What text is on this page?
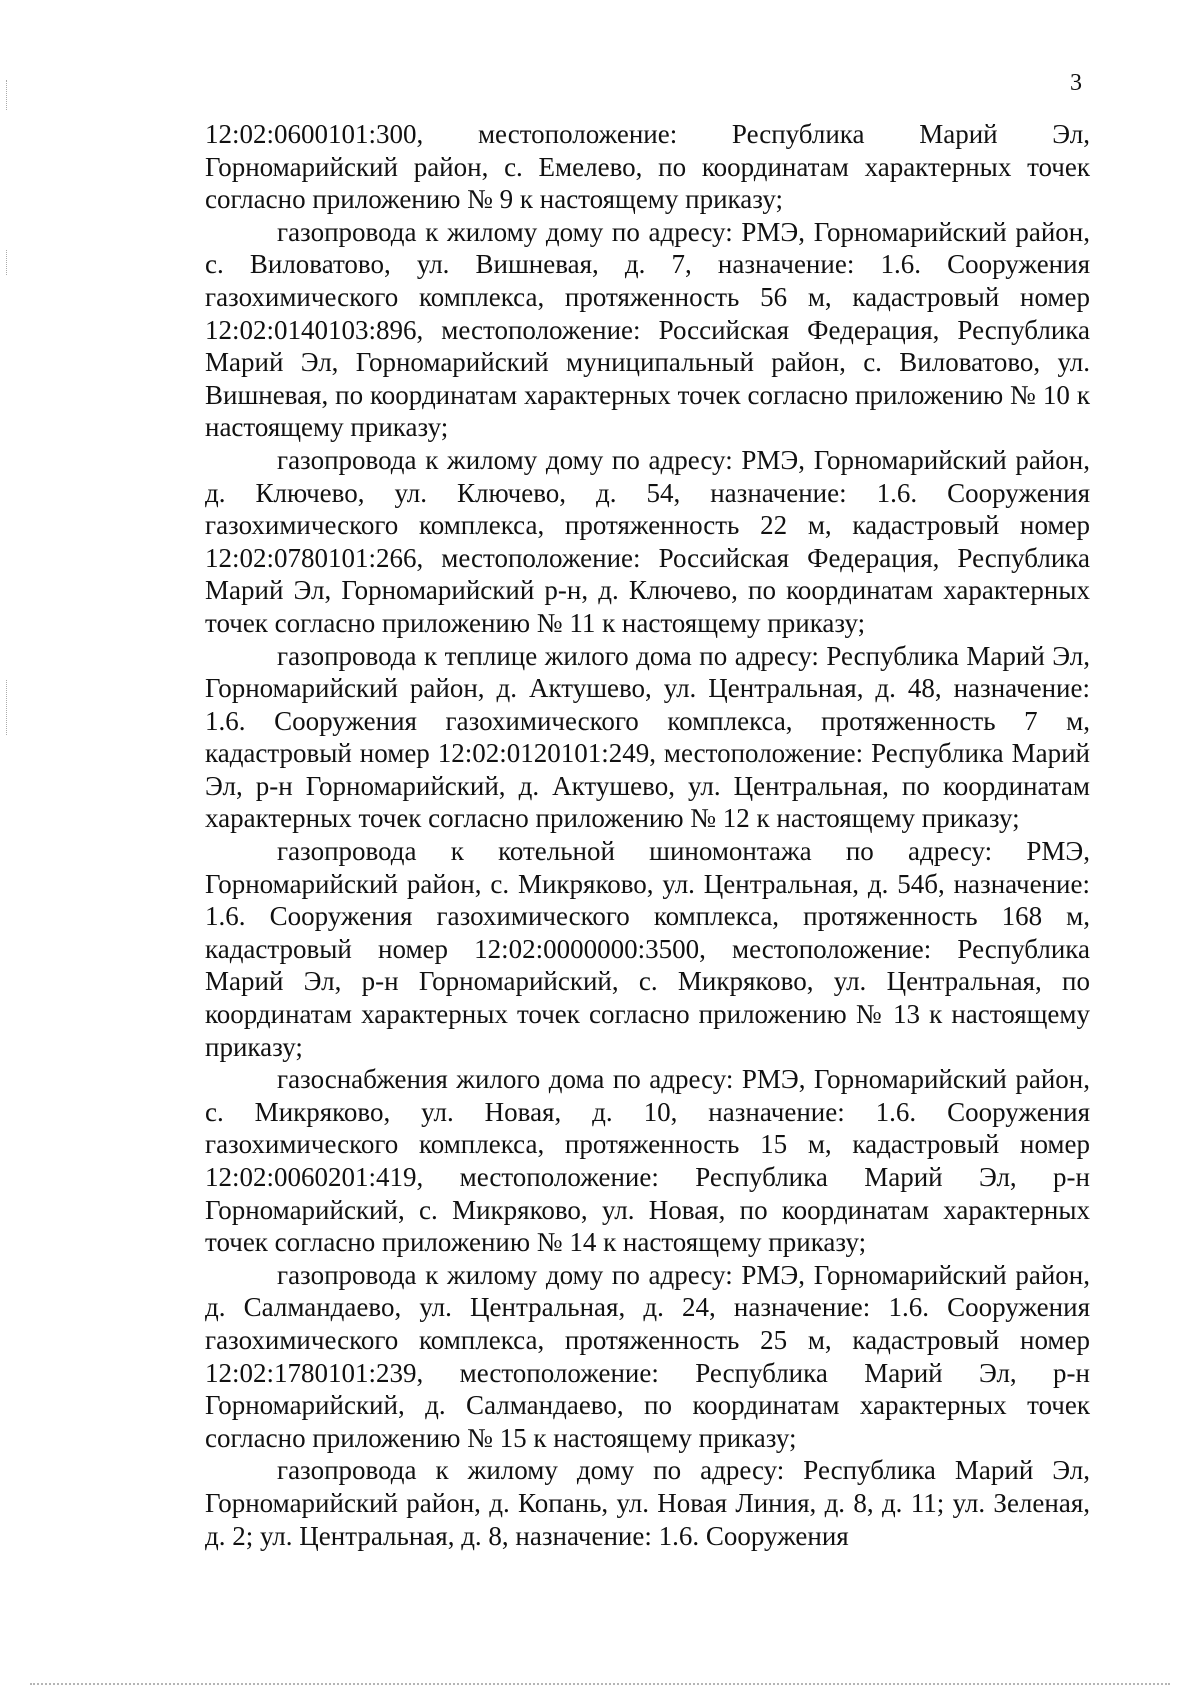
3

12:02:0600101:300, местоположение: Республика Марий Эл, Горномарийский район, с. Емелево, по координатам характерных точек согласно приложению № 9 к настоящему приказу;

газопровода к жилому дому по адресу: РМЭ, Горномарийский район, с. Виловатово, ул. Вишневая, д. 7, назначение: 1.6. Сооружения газохимического комплекса, протяженность 56 м, кадастровый номер 12:02:0140103:896, местоположение: Российская Федерация, Республика Марий Эл, Горномарийский муниципальный район, с. Виловатово, ул. Вишневая, по координатам характерных точек согласно приложению № 10 к настоящему приказу;

газопровода к жилому дому по адресу: РМЭ, Горномарийский район, д. Ключево, ул. Ключево, д. 54, назначение: 1.6. Сооружения газохимического комплекса, протяженность 22 м, кадастровый номер 12:02:0780101:266, местоположение: Российская Федерация, Республика Марий Эл, Горномарийский р-н, д. Ключево, по координатам характерных точек согласно приложению № 11 к настоящему приказу;

газопровода к теплице жилого дома по адресу: Республика Марий Эл, Горномарийский район, д. Актушево, ул. Центральная, д. 48, назначение: 1.6. Сооружения газохимического комплекса, протяженность 7 м, кадастровый номер 12:02:0120101:249, местоположение: Республика Марий Эл, р-н Горномарийский, д. Актушево, ул. Центральная, по координатам характерных точек согласно приложению № 12 к настоящему приказу;

газопровода к котельной шиномонтажа по адресу: РМЭ, Горномарийский район, с. Микряково, ул. Центральная, д. 54б, назначение: 1.6. Сооружения газохимического комплекса, протяженность 168 м, кадастровый номер 12:02:0000000:3500, местоположение: Республика Марий Эл, р-н Горномарийский, с. Микряково, ул. Центральная, по координатам характерных точек согласно приложению № 13 к настоящему приказу;

газоснабжения жилого дома по адресу: РМЭ, Горномарийский район, с. Микряково, ул. Новая, д. 10, назначение: 1.6. Сооружения газохимического комплекса, протяженность 15 м, кадастровый номер 12:02:0060201:419, местоположение: Республика Марий Эл, р-н Горномарийский, с. Микряково, ул. Новая, по координатам характерных точек согласно приложению № 14 к настоящему приказу;

газопровода к жилому дому по адресу: РМЭ, Горномарийский район, д. Салмандаево, ул. Центральная, д. 24, назначение: 1.6. Сооружения газохимического комплекса, протяженность 25 м, кадастровый номер 12:02:1780101:239, местоположение: Республика Марий Эл, р-н Горномарийский, д. Салмандаево, по координатам характерных точек согласно приложению № 15 к настоящему приказу;

газопровода к жилому дому по адресу: Республика Марий Эл, Горномарийский район, д. Копань, ул. Новая Линия, д. 8, д. 11; ул. Зеленая, д. 2; ул. Центральная, д. 8, назначение: 1.6. Сооружения
